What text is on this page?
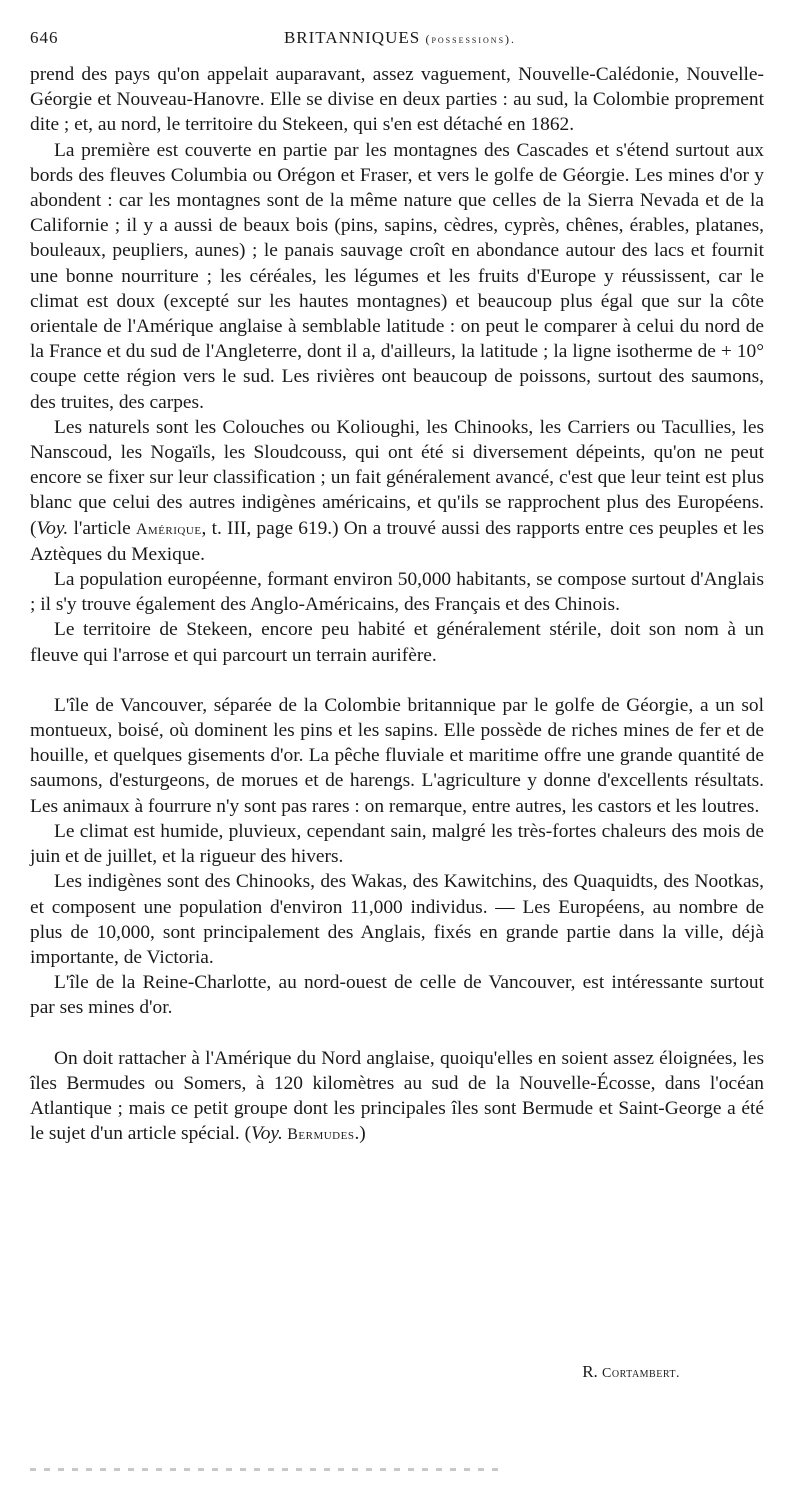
646	BRITANNIQUES (possessions).

prend des pays qu'on appelait auparavant, assez vaguement, Nouvelle-Calédonie, Nouvelle-Géorgie et Nouveau-Hanovre. Elle se divise en deux parties : au sud, la Colombie proprement dite ; et, au nord, le territoire du Stekeen, qui s'en est détaché en 1862.

La première est couverte en partie par les montagnes des Cascades et s'étend surtout aux bords des fleuves Columbia ou Orégon et Fraser, et vers le golfe de Géorgie. Les mines d'or y abondent : car les montagnes sont de la même nature que celles de la Sierra Nevada et de la Californie ; il y a aussi de beaux bois (pins, sapins, cèdres, cyprès, chênes, érables, platanes, bouleaux, peupliers, aunes) ; le panais sauvage croît en abondance autour des lacs et fournit une bonne nourriture ; les céréales, les légumes et les fruits d'Europe y réussissent, car le climat est doux (excepté sur les hautes montagnes) et beaucoup plus égal que sur la côte orientale de l'Amérique anglaise à semblable latitude : on peut le comparer à celui du nord de la France et du sud de l'Angleterre, dont il a, d'ailleurs, la latitude ; la ligne isotherme de + 10° coupe cette région vers le sud. Les rivières ont beaucoup de poissons, surtout des saumons, des truites, des carpes.

Les naturels sont les Colouches ou Kolioughi, les Chinooks, les Carriers ou Tacullies, les Nanscoud, les Nogaïls, les Sloudcouss, qui ont été si diversement dépeints, qu'on ne peut encore se fixer sur leur classification ; un fait généralement avancé, c'est que leur teint est plus blanc que celui des autres indigènes américains, et qu'ils se rapprochent plus des Européens. (Voy. l'article Amérique, t. III, page 619.) On a trouvé aussi des rapports entre ces peuples et les Aztèques du Mexique.

La population européenne, formant environ 50,000 habitants, se compose surtout d'Anglais ; il s'y trouve également des Anglo-Américains, des Français et des Chinois.

Le territoire de Stekeen, encore peu habité et généralement stérile, doit son nom à un fleuve qui l'arrose et qui parcourt un terrain aurifère.

L'île de Vancouver, séparée de la Colombie britannique par le golfe de Géorgie, a un sol montueux, boisé, où dominent les pins et les sapins. Elle possède de riches mines de fer et de houille, et quelques gisements d'or. La pêche fluviale et maritime offre une grande quantité de saumons, d'esturgeons, de morues et de harengs. L'agriculture y donne d'excellents résultats. Les animaux à fourrure n'y sont pas rares : on remarque, entre autres, les castors et les loutres.

Le climat est humide, pluvieux, cependant sain, malgré les très-fortes chaleurs des mois de juin et de juillet, et la rigueur des hivers.

Les indigènes sont des Chinooks, des Wakas, des Kawitchins, des Quaquidts, des Nootkas, et composent une population d'environ 11,000 individus. — Les Européens, au nombre de plus de 10,000, sont principalement des Anglais, fixés en grande partie dans la ville, déjà importante, de Victoria.

L'île de la Reine-Charlotte, au nord-ouest de celle de Vancouver, est intéressante surtout par ses mines d'or.

On doit rattacher à l'Amérique du Nord anglaise, quoiqu'elles en soient assez éloignées, les îles Bermudes ou Somers, à 120 kilomètres au sud de la Nouvelle-Écosse, dans l'océan Atlantique ; mais ce petit groupe dont les principales îles sont Bermude et Saint-George a été le sujet d'un article spécial. (Voy. Bermudes.)

R. Cortambert.
